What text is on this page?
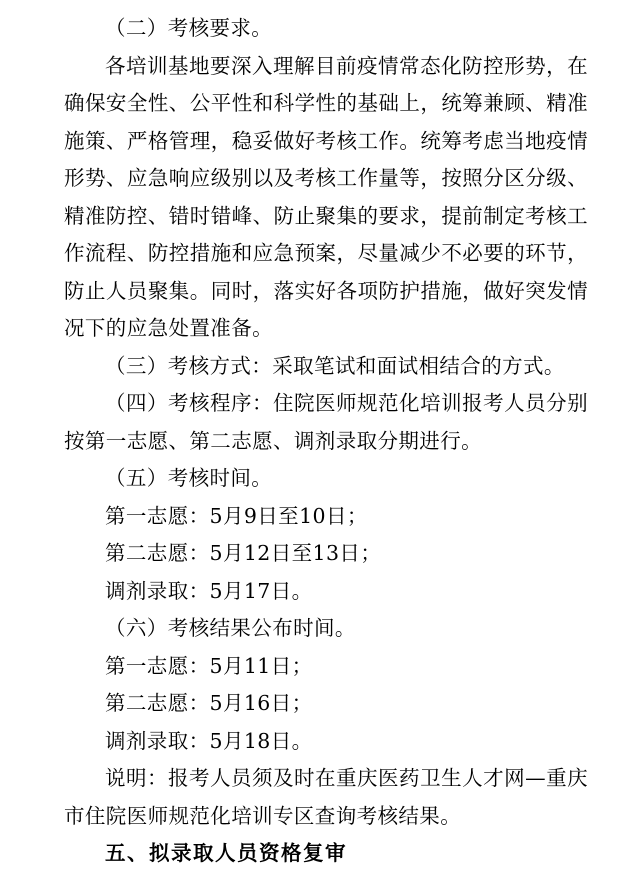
（二）考核要求。

各培训基地要深入理解目前疫情常态化防控形势，在确保安全性、公平性和科学性的基础上，统筹兼顾、精准施策、严格管理，稳妥做好考核工作。统筹考虑当地疫情形势、应急响应级别以及考核工作量等，按照分区分级、精准防控、错时错峰、防止聚集的要求，提前制定考核工作流程、防控措施和应急预案，尽量减少不必要的环节，防止人员聚集。同时，落实好各项防护措施，做好突发情况下的应急处置准备。

（三）考核方式：采取笔试和面试相结合的方式。

（四）考核程序：住院医师规范化培训报考人员分别按第一志愿、第二志愿、调剂录取分期进行。

（五）考核时间。

第一志愿：5月9日至10日；

第二志愿：5月12日至13日；

调剂录取：5月17日。

（六）考核结果公布时间。

第一志愿：5月11日；

第二志愿：5月16日；

调剂录取：5月18日。

说明：报考人员须及时在重庆医药卫生人才网—重庆市住院医师规范化培训专区查询考核结果。

五、拟录取人员资格复审
